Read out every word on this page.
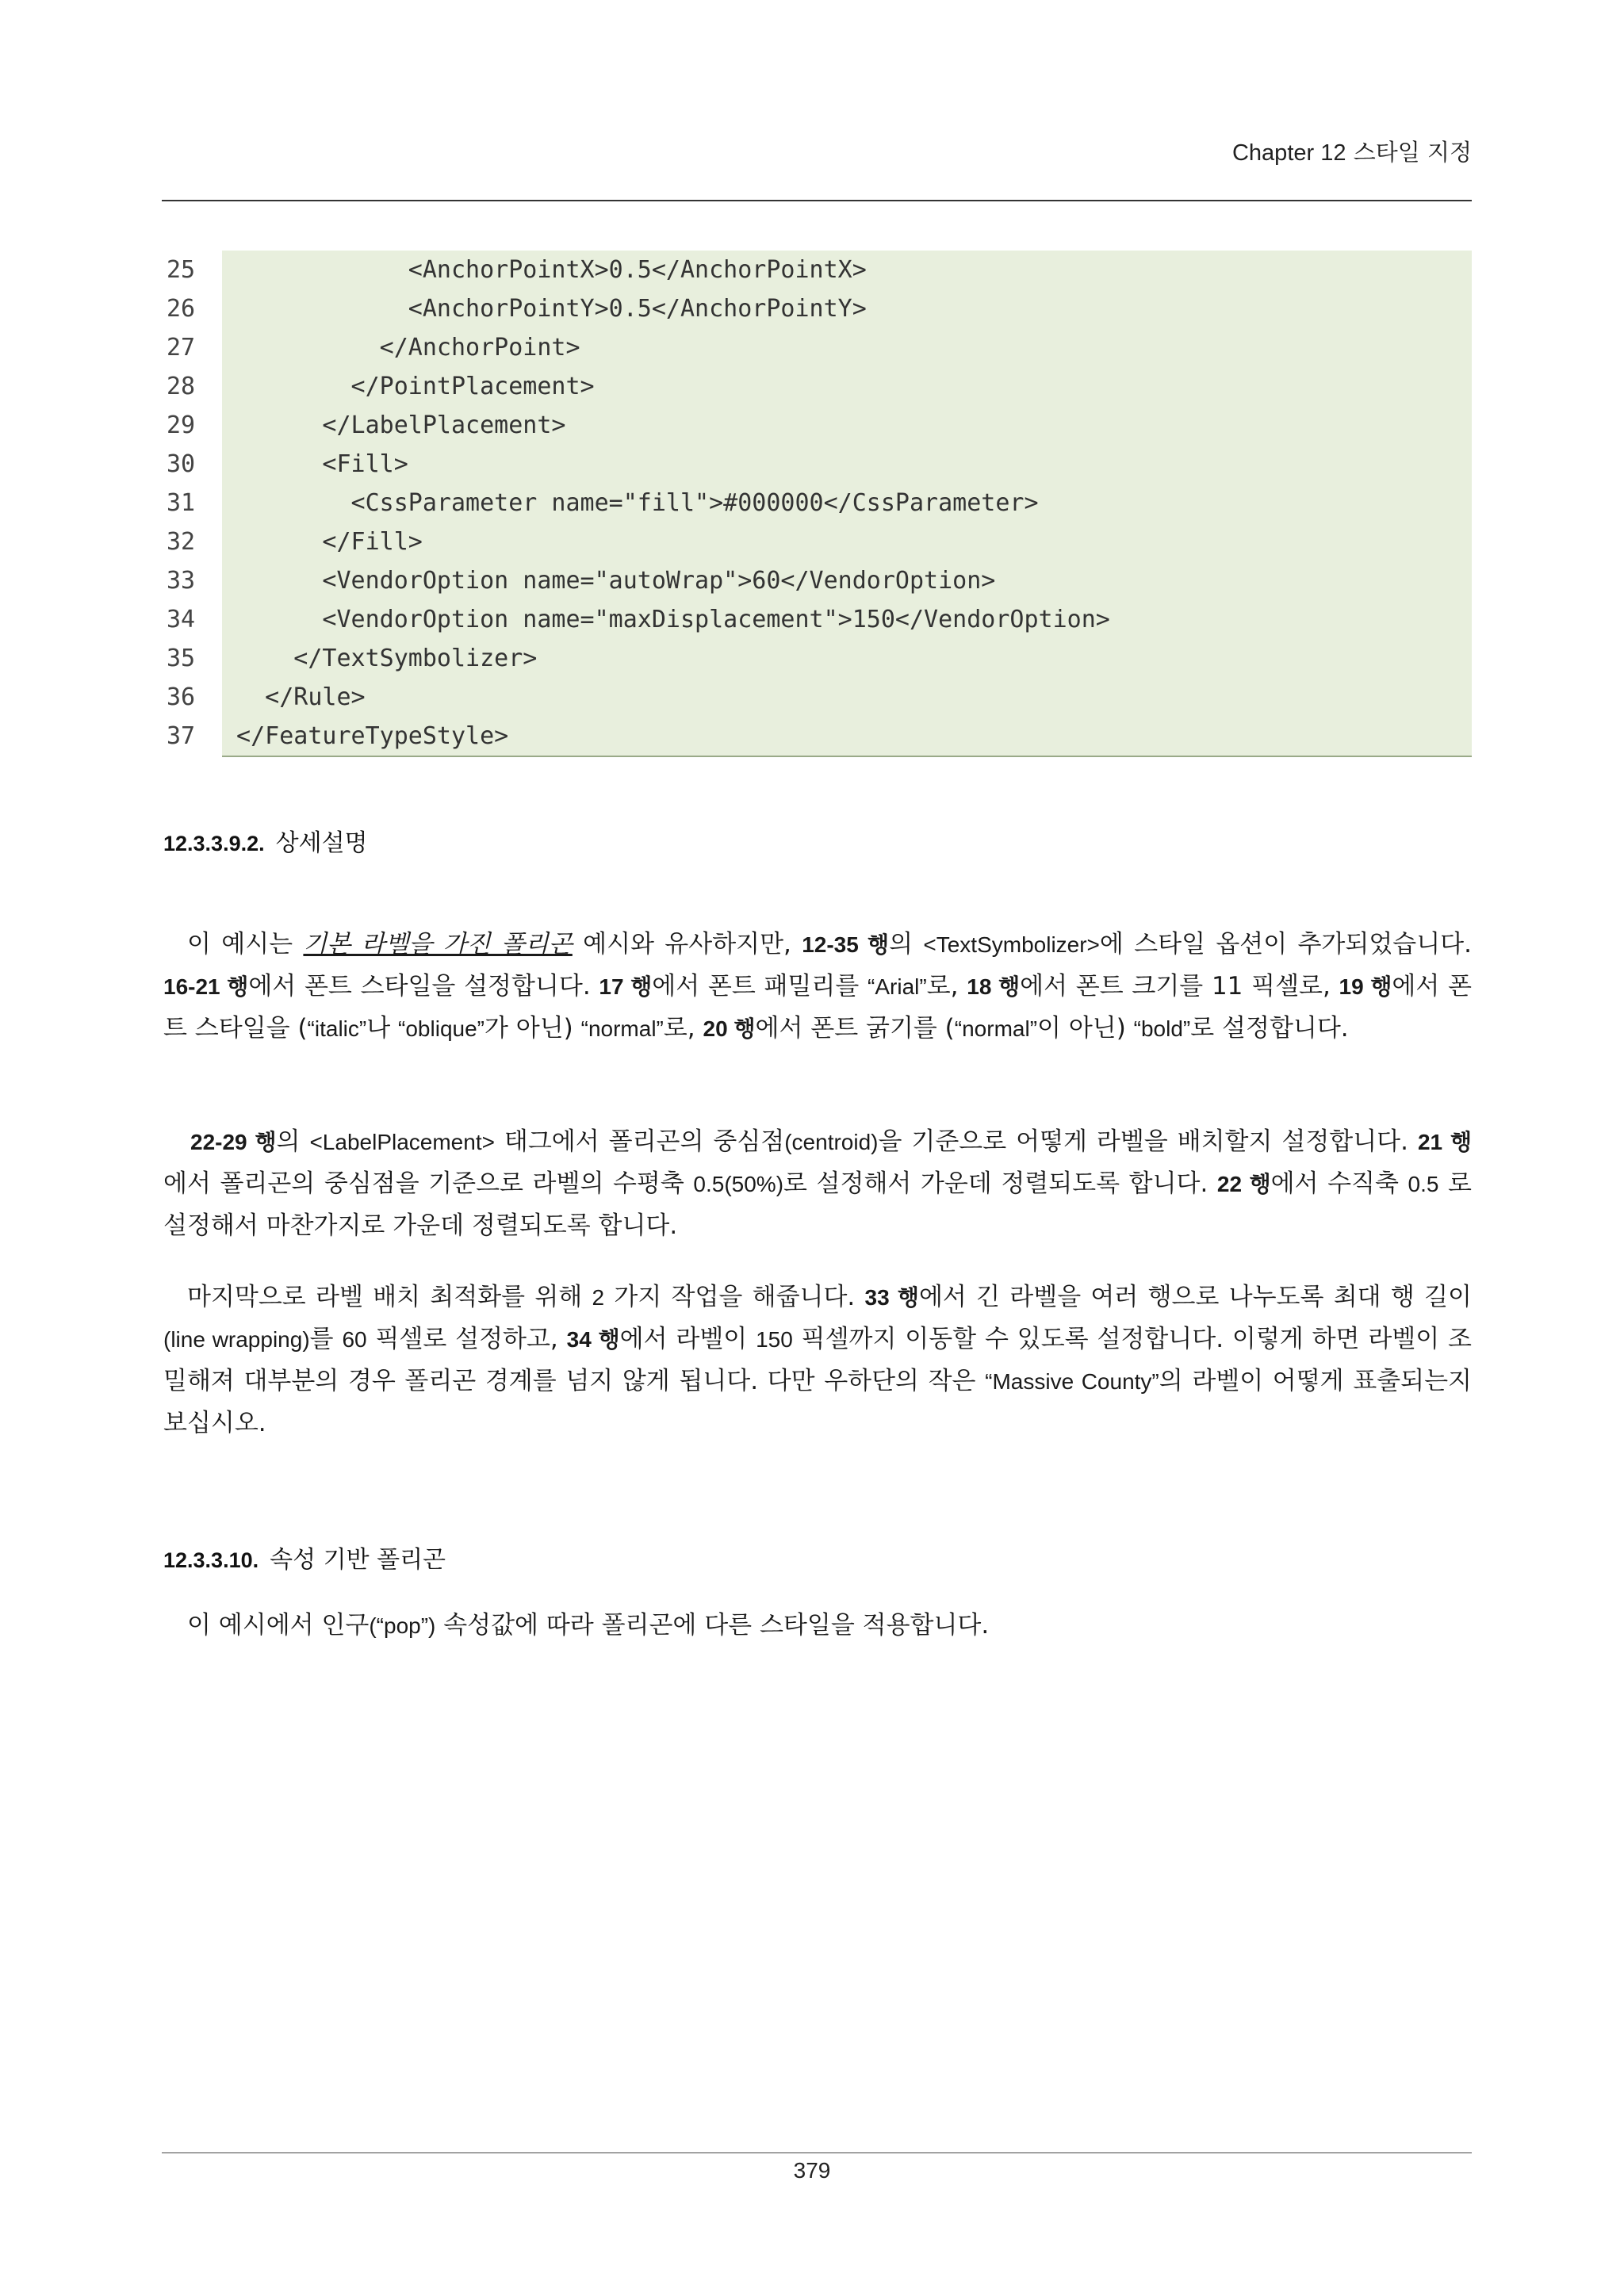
Chapter 12 스타일 지정
25	<AnchorPointX>0.5</AnchorPointX>
26	<AnchorPointY>0.5</AnchorPointY>
27	</AnchorPoint>
28	</PointPlacement>
29	</LabelPlacement>
30	<Fill>
31	<CssParameter name="fill">#000000</CssParameter>
32	</Fill>
33	<VendorOption name="autoWrap">60</VendorOption>
34	<VendorOption name="maxDisplacement">150</VendorOption>
35	</TextSymbolizer>
36	</Rule>
37	</FeatureTypeStyle>
12.3.3.9.2. 상세설명
이 예시는 기본 라벨을 가진 폴리곤 예시와 유사하지만, 12-35 행의 <TextSymbolizer>에 스타일 옵션이 추가되었습니다. 16-21 행에서 폰트 스타일을 설정합니다. 17 행에서 폰트 패밀리를 “Arial”로, 18 행에서 폰트 크기를 11 픽셀로, 19 행에서 폰트 스타일을 (“italic”나 “oblique”가 아닌) “normal”로, 20 행에서 폰트 굵기를 (“normal”이 아닌) “bold”로 설정합니다.
22-29 행의 <LabelPlacement> 태그에서 폴리곤의 중심점(centroid)을 기준으로 어떻게 라벨을 배치할지 설정합니다. 21 행에서 폴리곤의 중심점을 기준으로 라벨의 수평축 0.5(50%)로 설정해서 가운데 정렬되도록 합니다. 22 행에서 수직축 0.5 로 설정해서 마찬가지로 가운데 정렬되도록 합니다.
마지막으로 라벨 배치 최적화를 위해 2 가지 작업을 해줍니다. 33 행에서 긴 라벨을 여러 행으로 나누도록 최대 행 길이(line wrapping)를 60 픽셀로 설정하고, 34 행에서 라벨이 150 픽셀까지 이동할 수 있도록 설정합니다. 이렇게 하면 라벨이 조밀해져 대부분의 경우 폴리곤 경계를 넘지 않게 됩니다. 다만 우하단의 작은 “Massive County”의 라벨이 어떻게 표출되는지 보십시오.
12.3.3.10. 속성 기반 폴리곤
이 예시에서 인구(“pop”) 속성값에 따라 폴리곤에 다른 스타일을 적용합니다.
379
